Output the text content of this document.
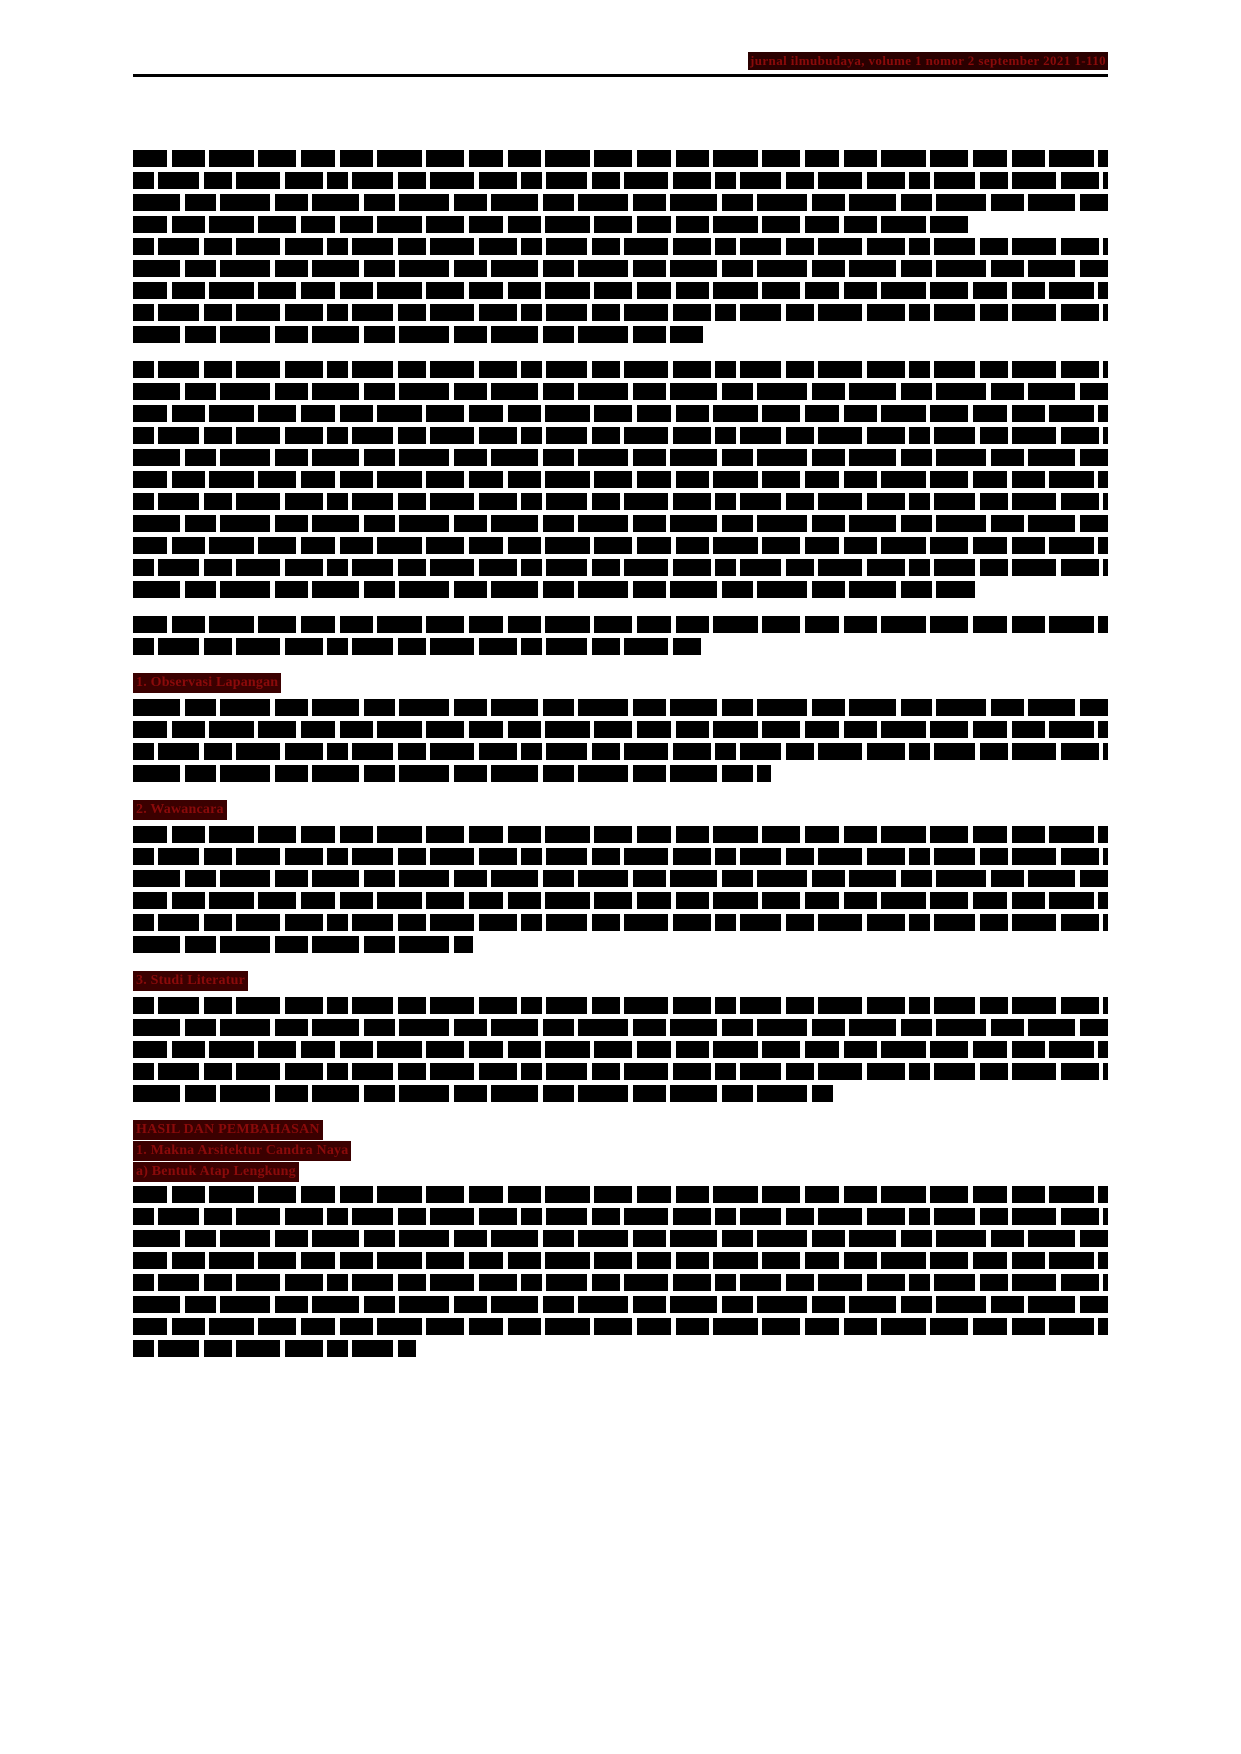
jurnal ilmubudaya, volume 1 nomor 2 september 2021 1-110
1. Observasi Lapangan
2. Wawancara
3. Studi Literatur
HASIL DAN PEMBAHASAN
1. Makna Arsitektur Candra Naya
a) Bentuk Atap Lengkung
